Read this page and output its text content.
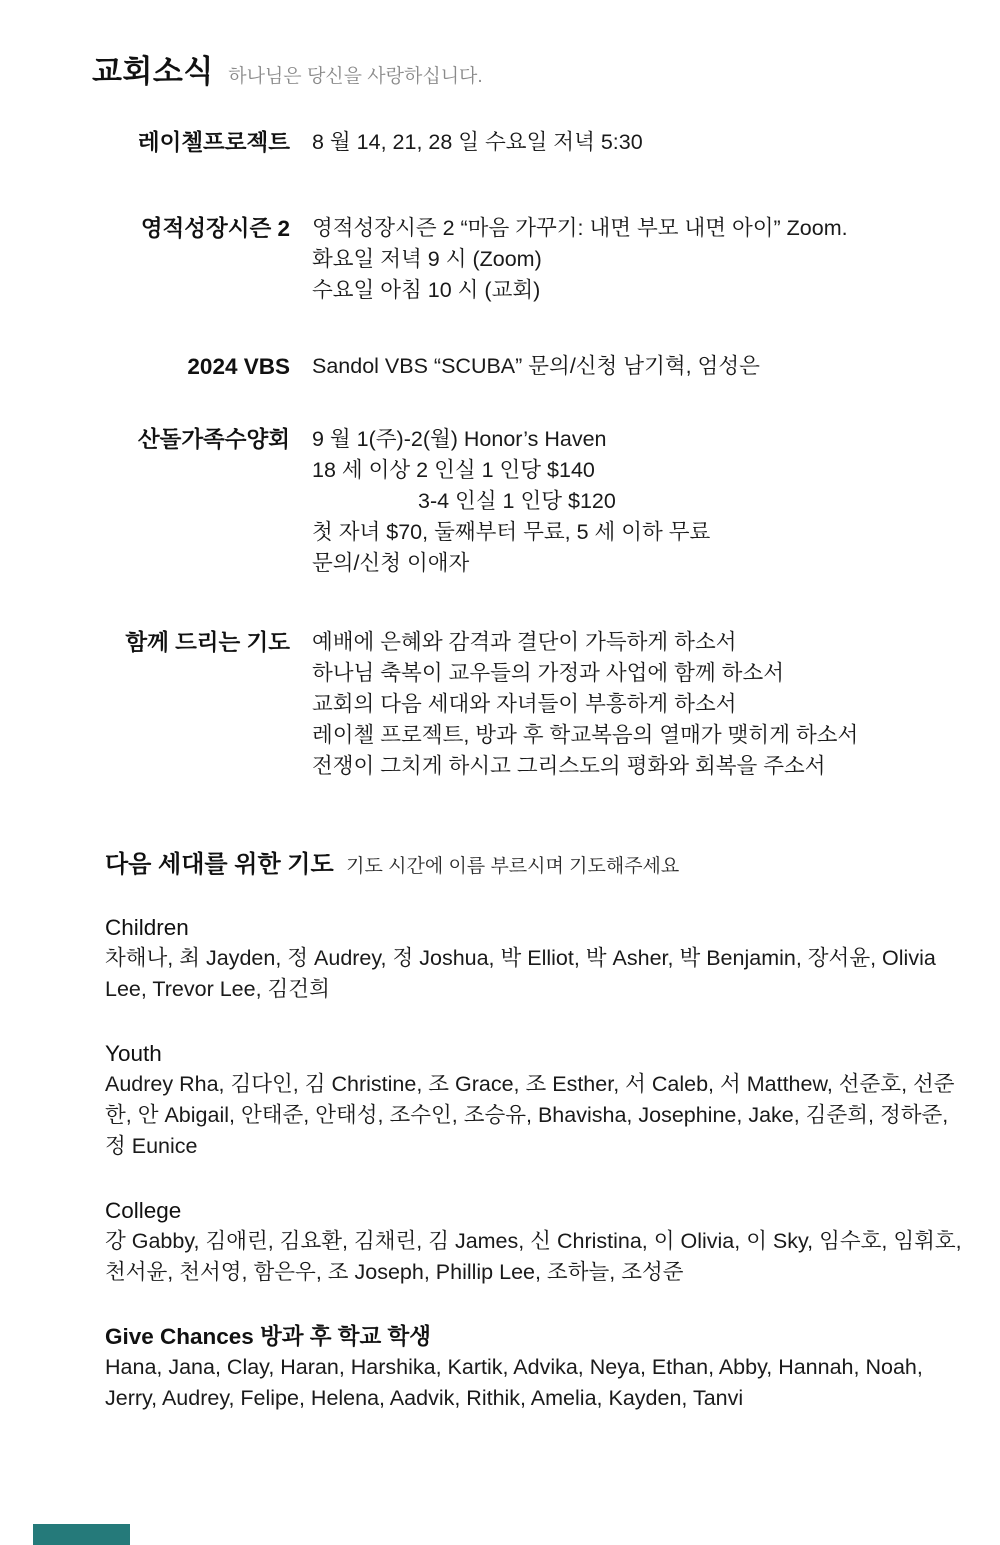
교회소식 하나님은 당신을 사랑하십니다.
레이첼프로젝트 8 월 14, 21, 28 일 수요일 저녁 5:30
영적성장시즌 2 영적성장시즌 2 “마음 가꾸기: 내면 부모 내면 아이” Zoom.
화요일 저녁 9 시 (Zoom)
수요일 아침 10 시 (교회)
2024 VBS Sandol VBS “SCUBA” 문의/신청 남기혁, 엄성은
산돌가족수양회 9 월 1(주)-2(월) Honor’s Haven
18 세 이상 2 인실 1 인당 $140
3-4 인실 1 인당 $120
첫 자녀 $70, 둘째부터 무료, 5 세 이하 무료
문의/신청 이애자
함께 드리는 기도 예배에 은혜와 감격과 결단이 가득하게 하소서
하나님 축복이 교우들의 가정과 사업에 함께 하소서
교회의 다음 세대와 자녀들이 부흥하게 하소서
레이첼 프로젝트, 방과 후 학교복음의 열매가 맺히게 하소서
전쟁이 그치게 하시고 그리스도의 평화와 회복을 주소서
다음 세대를 위한 기도 기도 시간에 이름 부르시며 기도해주세요
Children
차해나, 최 Jayden, 정 Audrey, 정 Joshua, 박 Elliot, 박 Asher, 박 Benjamin, 장서윤, Olivia Lee, Trevor Lee, 김건희
Youth
Audrey Rha, 김다인, 김 Christine, 조 Grace, 조 Esther, 서 Caleb, 서 Matthew, 선준호, 선준한, 안 Abigail, 안태준, 안태성, 조수인, 조승유, Bhavisha, Josephine, Jake, 김준희, 정하준, 정 Eunice
College
강 Gabby, 김애린, 김요환, 김채린, 김 James, 신 Christina, 이 Olivia, 이 Sky, 임수호, 임휘호, 천서윤, 천서영, 함은우, 조 Joseph, Phillip Lee, 조하늘, 조성준
Give Chances 방과 후 학교 학생
Hana, Jana, Clay, Haran, Harshika, Kartik, Advika, Neya, Ethan, Abby, Hannah, Noah, Jerry, Audrey, Felipe, Helena, Aadvik, Rithik, Amelia, Kayden, Tanvi
